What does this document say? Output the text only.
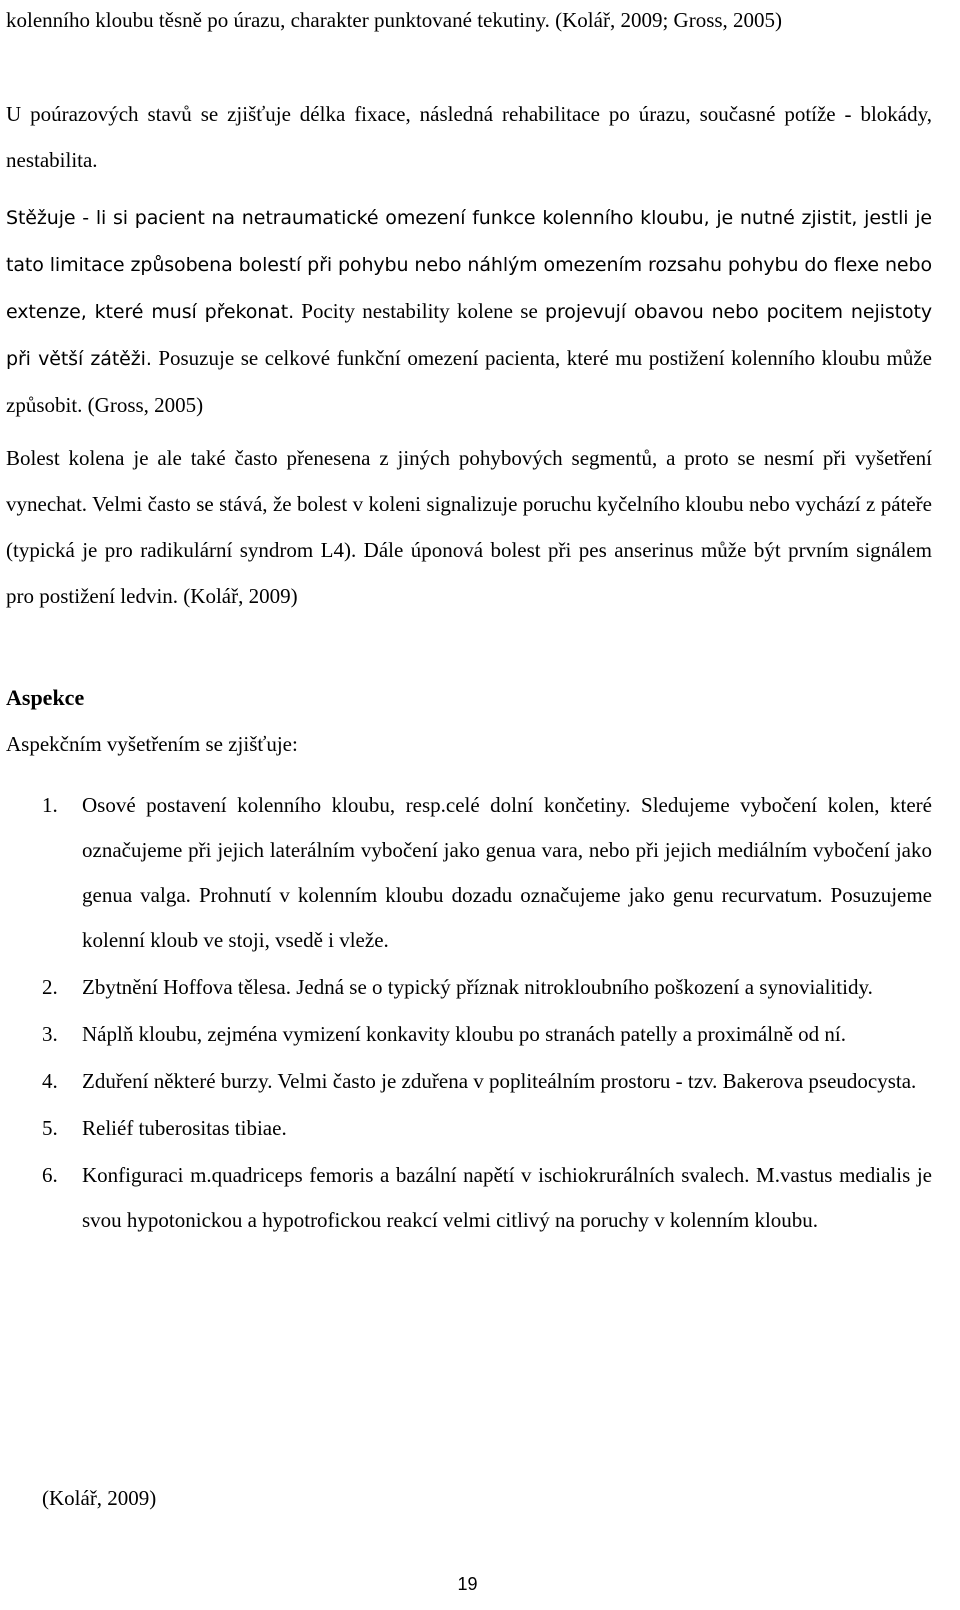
kolenního kloubu těsně po úrazu, charakter punktované tekutiny. (Kolář, 2009; Gross, 2005)
U poúrazových stavů se zjišťuje délka fixace, následná rehabilitace po úrazu, současné potíže - blokády, nestabilita.
Stěžuje - li si pacient na netraumatické omezení funkce kolenního kloubu, je nutné zjistit, jestli je tato limitace způsobena bolestí při pohybu nebo náhlým omezením rozsahu pohybu do flexe nebo extenze, které musí překonat. Pocity nestability kolene se projevují obavou nebo pocitem nejistoty při větší zátěži. Posuzuje se celkové funkční omezení pacienta, které mu postižení kolenního kloubu může způsobit. (Gross, 2005)
Bolest kolena je ale také často přenesena z jiných pohybových segmentů, a proto se nesmí při vyšetření vynechat. Velmi často se stává, že bolest v koleni signalizuje poruchu kyčelního kloubu nebo vychází z páteře (typická je pro radikulární syndrom L4). Dále úponová bolest při pes anserinus může být prvním signálem pro postižení ledvin. (Kolář, 2009)
Aspekce
Aspekčním vyšetřením se zjišťuje:
1. Osové postavení kolenního kloubu, resp.celé dolní končetiny. Sledujeme vybočení kolen, které označujeme při jejich laterálním vybočení jako genua vara, nebo při jejich mediálním vybočení jako genua valga. Prohnutí v kolenním kloubu dozadu označujeme jako genu recurvatum. Posuzujeme kolenní kloub ve stoji, vsedě i vleže.
2. Zbytnění Hoffova tělesa. Jedná se o typický příznak nitrokloubního poškození a synovialitidy.
3. Náplň kloubu, zejména vymizení konkavity kloubu po stranách patelly a proximálně od ní.
4. Zduření některé burzy. Velmi často je zduřena v popliteálním prostoru - tzv. Bakerova pseudocysta.
5. Reliéf tuberositas tibiae.
6. Konfiguraci m.quadriceps femoris a bazální napětí v ischiokrurálních svalech. M.vastus medialis je svou hypotonickou a hypotrofickou reakcí velmi citlivý na poruchy v kolenním kloubu.
(Kolář, 2009)
19
